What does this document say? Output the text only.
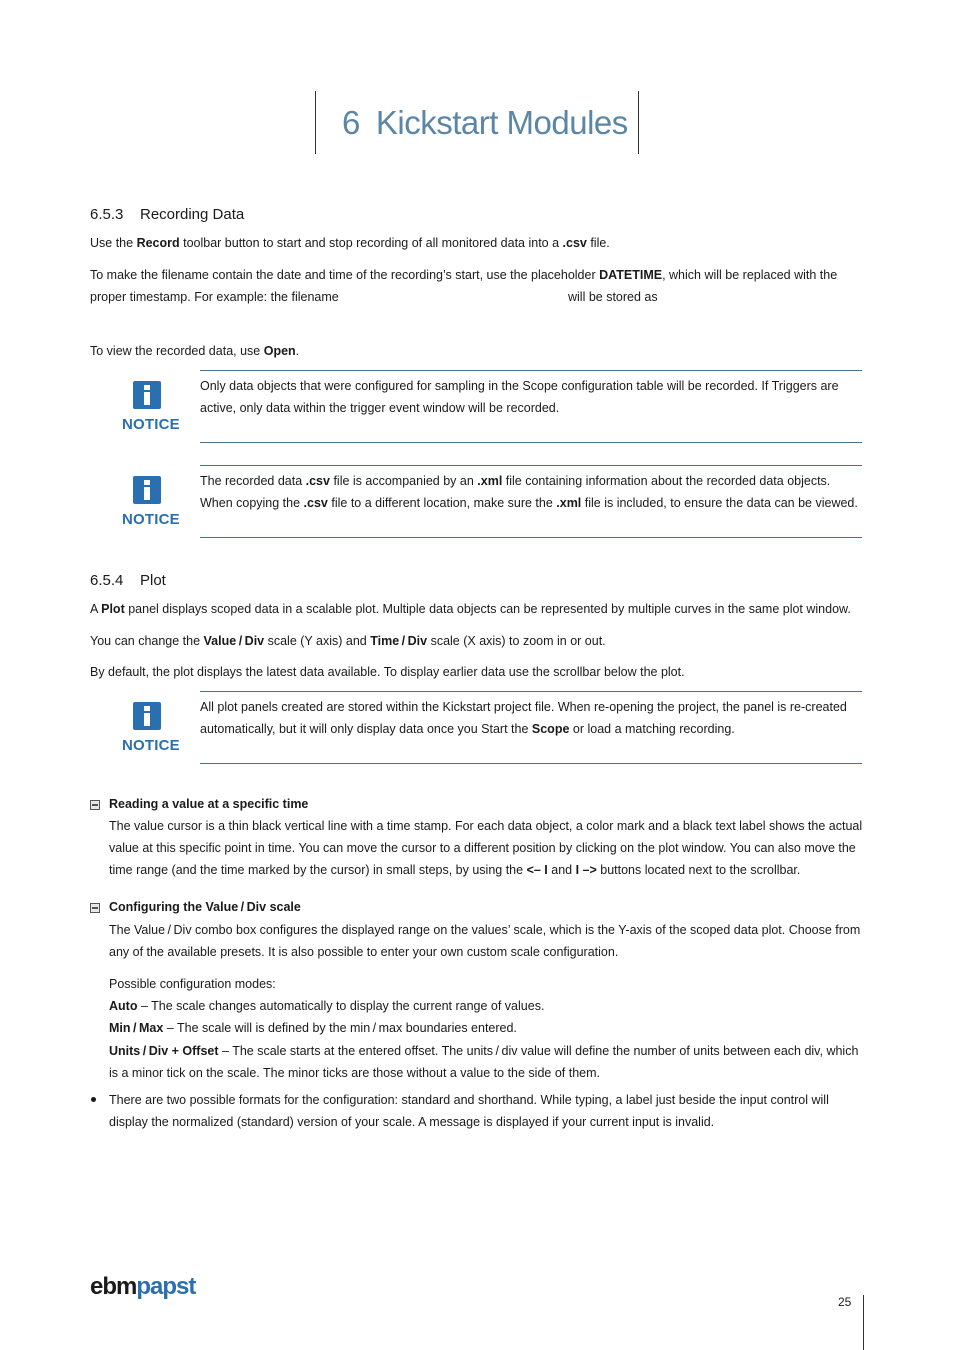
6 Kickstart Modules
6.5.3 Recording Data

Use the Record toolbar button to start and stop recording of all monitored data into a .csv file.

To make the filename contain the date and time of the recording’s start, use the placeholder DATETIME, which will be replaced with the proper timestamp. For example: the filename	will be stored as

To view the recorded data, use Open.

NOTICE

Only data objects that were configured for sampling in the Scope configuration table will be recorded. If Triggers are active, only data within the trigger event window will be recorded.

NOTICE

The recorded data .csv file is accompanied by an .xml file containing information about the recorded data objects. When copying the .csv file to a different location, make sure the .xml file is included, to ensure the data can be viewed.

6.5.4 Plot

A Plot panel displays scoped data in a scalable plot. Multiple data objects can be represented by multiple curves in the same plot window.

You can change the Value / Div scale (Y axis) and Time / Div scale (X axis) to zoom in or out.

By default, the plot displays the latest data available. To display earlier data use the scrollbar below the plot.

NOTICE

All plot panels created are stored within the Kickstart project file. When re-opening the project, the panel is re-created automatically, but it will only display data once you Start the Scope or load a matching recording.

Reading a value at a specific time

The value cursor is a thin black vertical line with a time stamp. For each data object, a color mark and a black text label shows the actual value at this specific point in time. You can move the cursor to a different position by clicking on the plot window. You can also move the time range (and the time marked by the cursor) in small steps, by using the <– I and I –> buttons located next to the scrollbar.

Configuring the Value / Div scale

The Value / Div combo box configures the displayed range on the values’ scale, which is the Y-axis of the scoped data plot. Choose from any of the available presets. It is also possible to enter your own custom scale configuration.

Possible configuration modes:

Auto – The scale changes automatically to display the current range of values.

Min / Max – The scale will is defined by the min / max boundaries entered.

Units / Div + Offset – The scale starts at the entered offset. The units / div value will define the number of units between each div, which is a minor tick on the scale. The minor ticks are those without a value to the side of them.

There are two possible formats for the configuration: standard and shorthand. While typing, a label just beside the input control will display the normalized (standard) version of your scale. A message is displayed if your current input is invalid.

ebmpapst
25
